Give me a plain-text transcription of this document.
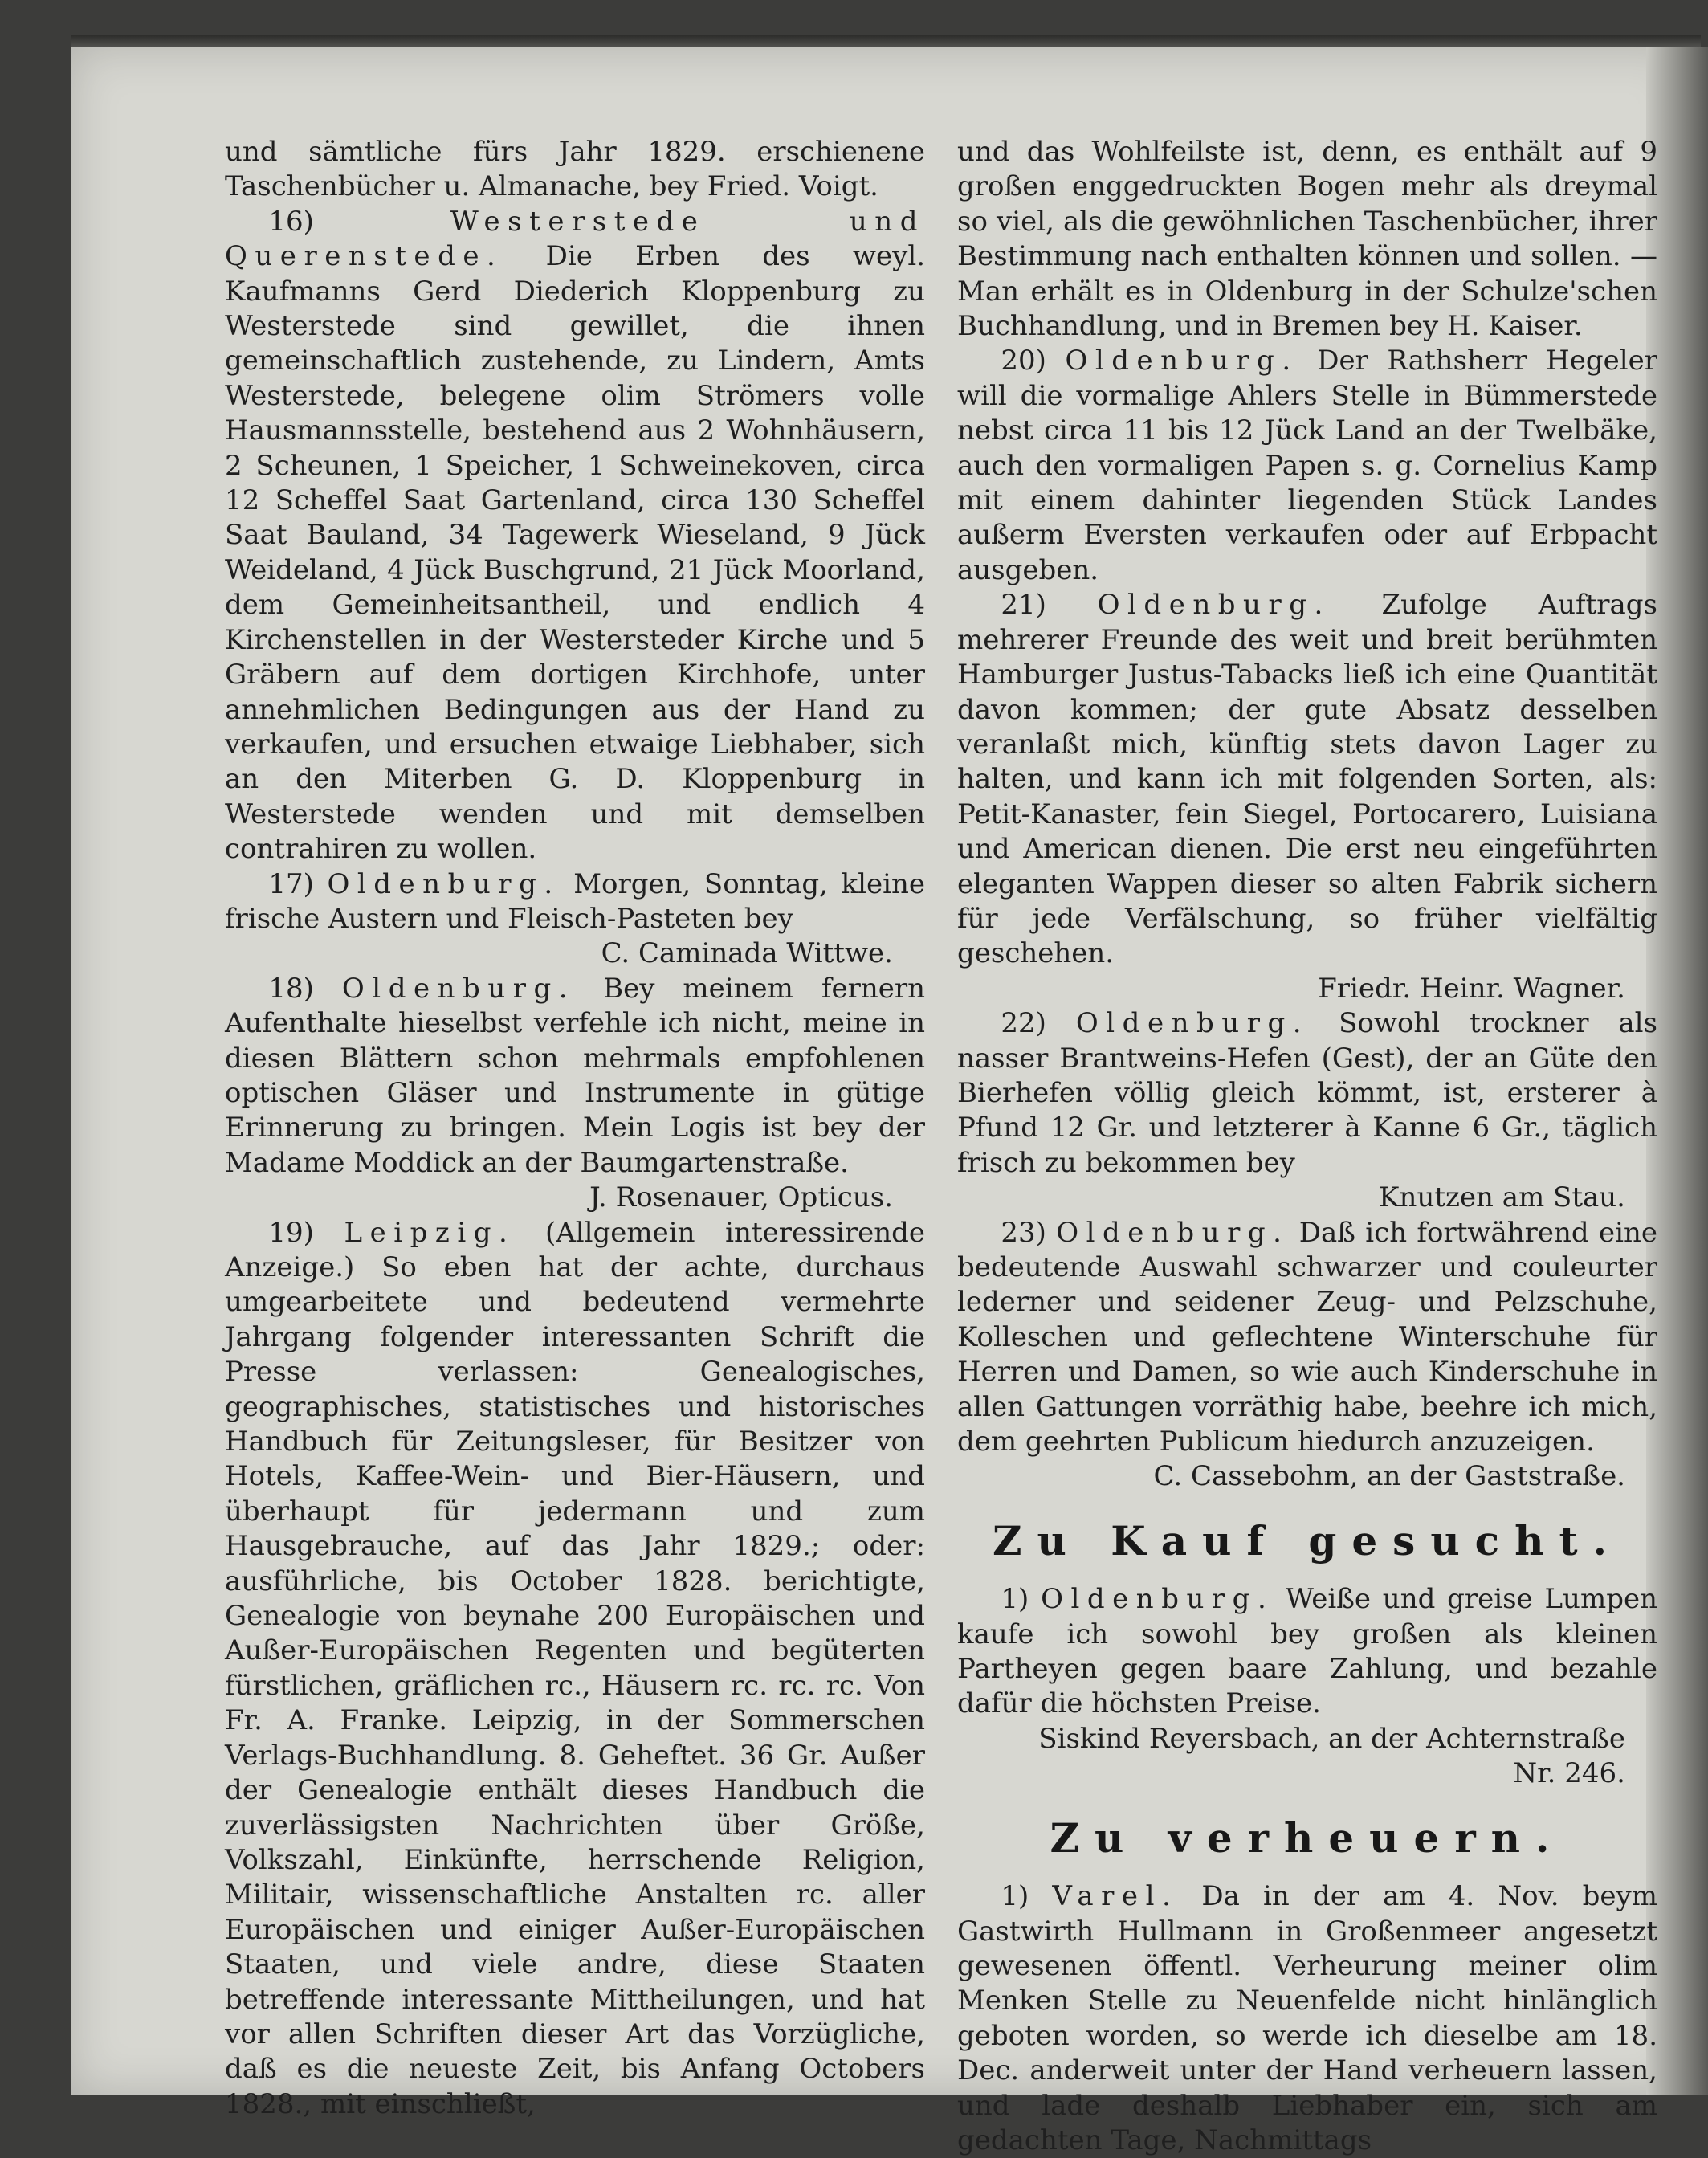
und sämtliche fürs Jahr 1829. erschienene Taschenbücher u. Almanache, bey Fried. Voigt.

16)	Westerstede und Querenstede. Die Erben des weyl. Kaufmanns Gerd Diederich Kloppenburg zu Westerstede sind gewillet, die ihnen gemeinschaftlich zustehende, zu Lindern, Amts Westerstede, belegene olim Strömers volle Hausmannsstelle, bestehend aus 2 Wohnhäusern, 2 Scheunen, 1 Speicher, 1 Schweinekoven, circa 12 Scheffel Saat Gartenland, circa 130 Scheffel Saat Bauland, 34 Tagewerk Wieseland, 9 Jück Weideland, 4 Jück Buschgrund, 21 Jück Moorland, dem Gemeinheitsantheil, und endlich 4 Kirchenstellen in der Westersteder Kirche und 5 Gräbern auf dem dortigen Kirchhofe, unter annehmlichen Bedingungen aus der Hand zu verkaufen, und ersuchen etwaige Liebhaber, sich an den Miterben G. D. Kloppenburg in Westerstede wenden und mit demselben contrahiren zu wollen.

17) Oldenburg. Morgen, Sonntag, kleine frische Austern und Fleisch-Pasteten bey

C. Caminada Wittwe.

18) Oldenburg. Bey meinem fernern Aufenthalte hieselbst verfehle ich nicht, meine in diesen Blättern schon mehrmals empfohlenen optischen Gläser und Instrumente in gütige Erinnerung zu bringen. Mein Logis ist bey der Madame Moddick an der Baumgartenstraße.

J. Rosenauer, Opticus.

19) Leipzig. (Allgemein interessirende Anzeige.) So eben hat der achte, durchaus umgearbeitete und bedeutend vermehrte Jahrgang folgender interessanten Schrift die Presse verlassen: Genealogisches, geographisches, statistisches und historisches Handbuch für Zeitungsleser, für Besitzer von Hotels, Kaffee-Wein- und Bier-Häusern, und überhaupt für jedermann und zum Hausgebrauche, auf das Jahr 1829.; oder: ausführliche, bis October 1828. berichtigte, Genealogie von beynahe 200 Europäischen und Außer-Europäischen Regenten und begüterten fürstlichen, gräflichen rc., Häusern rc. rc. rc. Von Fr. A. Franke. Leipzig, in der Sommerschen Verlags-Buchhandlung. 8. Geheftet. 36 Gr. Außer der Genealogie enthält dieses Handbuch die zuverlässigsten Nachrichten über Größe, Volkszahl, Einkünfte, herrschende Religion, Militair, wissenschaftliche Anstalten rc. aller Europäischen und einiger Außer-Europäischen Staaten, und viele andre, diese Staaten betreffende interessante Mittheilungen, und hat vor allen Schriften dieser Art das Vorzügliche, daß es die neueste Zeit, bis Anfang Octobers 1828., mit einschließt,

und das Wohlfeilste ist, denn, es enthält auf 9 großen enggedruckten Bogen mehr als dreymal so viel, als die gewöhnlichen Taschenbücher, ihrer Bestimmung nach enthalten können und sollen. — Man erhält es in Oldenburg in der Schulze'schen Buchhandlung, und in Bremen bey H. Kaiser.

20) Oldenburg. Der Rathsherr Hegeler will die vormalige Ahlers Stelle in Bümmerstede nebst circa 11 bis 12 Jück Land an der Twelbäke, auch den vormaligen Papen s. g. Cornelius Kamp mit einem dahinter liegenden Stück Landes außerm Eversten verkaufen oder auf Erbpacht ausgeben.

21) Oldenburg. Zufolge Auftrags mehrerer Freunde des weit und breit berühmten Hamburger Justus-Tabacks ließ ich eine Quantität davon kommen; der gute Absatz desselben veranlaßt mich, künftig stets davon Lager zu halten, und kann ich mit folgenden Sorten, als: Petit-Kanaster, fein Siegel, Portocarero, Luisiana und American dienen. Die erst neu eingeführten eleganten Wappen dieser so alten Fabrik sichern für jede Verfälschung, so früher vielfältig geschehen.

Friedr. Heinr. Wagner.

22) Oldenburg. Sowohl trockner als nasser Brantweins-Hefen (Gest), der an Güte den Bierhefen völlig gleich kömmt, ist, ersterer à Pfund 12 Gr. und letzterer à Kanne 6 Gr., täglich frisch zu bekommen bey

Knutzen am Stau.

23) Oldenburg. Daß ich fortwährend eine bedeutende Auswahl schwarzer und couleurter lederner und seidener Zeug- und Pelzschuhe, Kolleschen und geflechtene Winterschuhe für Herren und Damen, so wie auch Kinderschuhe in allen Gattungen vorräthig habe, beehre ich mich, dem geehrten Publicum hiedurch anzuzeigen.

C. Cassebohm, an der Gaststraße.

Zu Kauf gesucht.

1) Oldenburg. Weiße und greise Lumpen kaufe ich sowohl bey großen als kleinen Partheyen gegen baare Zahlung, und bezahle dafür die höchsten Preise.

Siskind Reyersbach, an der Achternstraße Nr. 246.

Zu verheuern.

1) Varel. Da in der am 4. Nov. beym Gastwirth Hullmann in Großenmeer angesetzt gewesenen öffentl. Verheurung meiner olim Menken Stelle zu Neuenfelde nicht hinlänglich geboten worden, so werde ich dieselbe am 18. Dec. anderweit unter der Hand verheuern lassen, und lade deshalb Liebhaber ein, sich am gedachten Tage, Nachmittags
